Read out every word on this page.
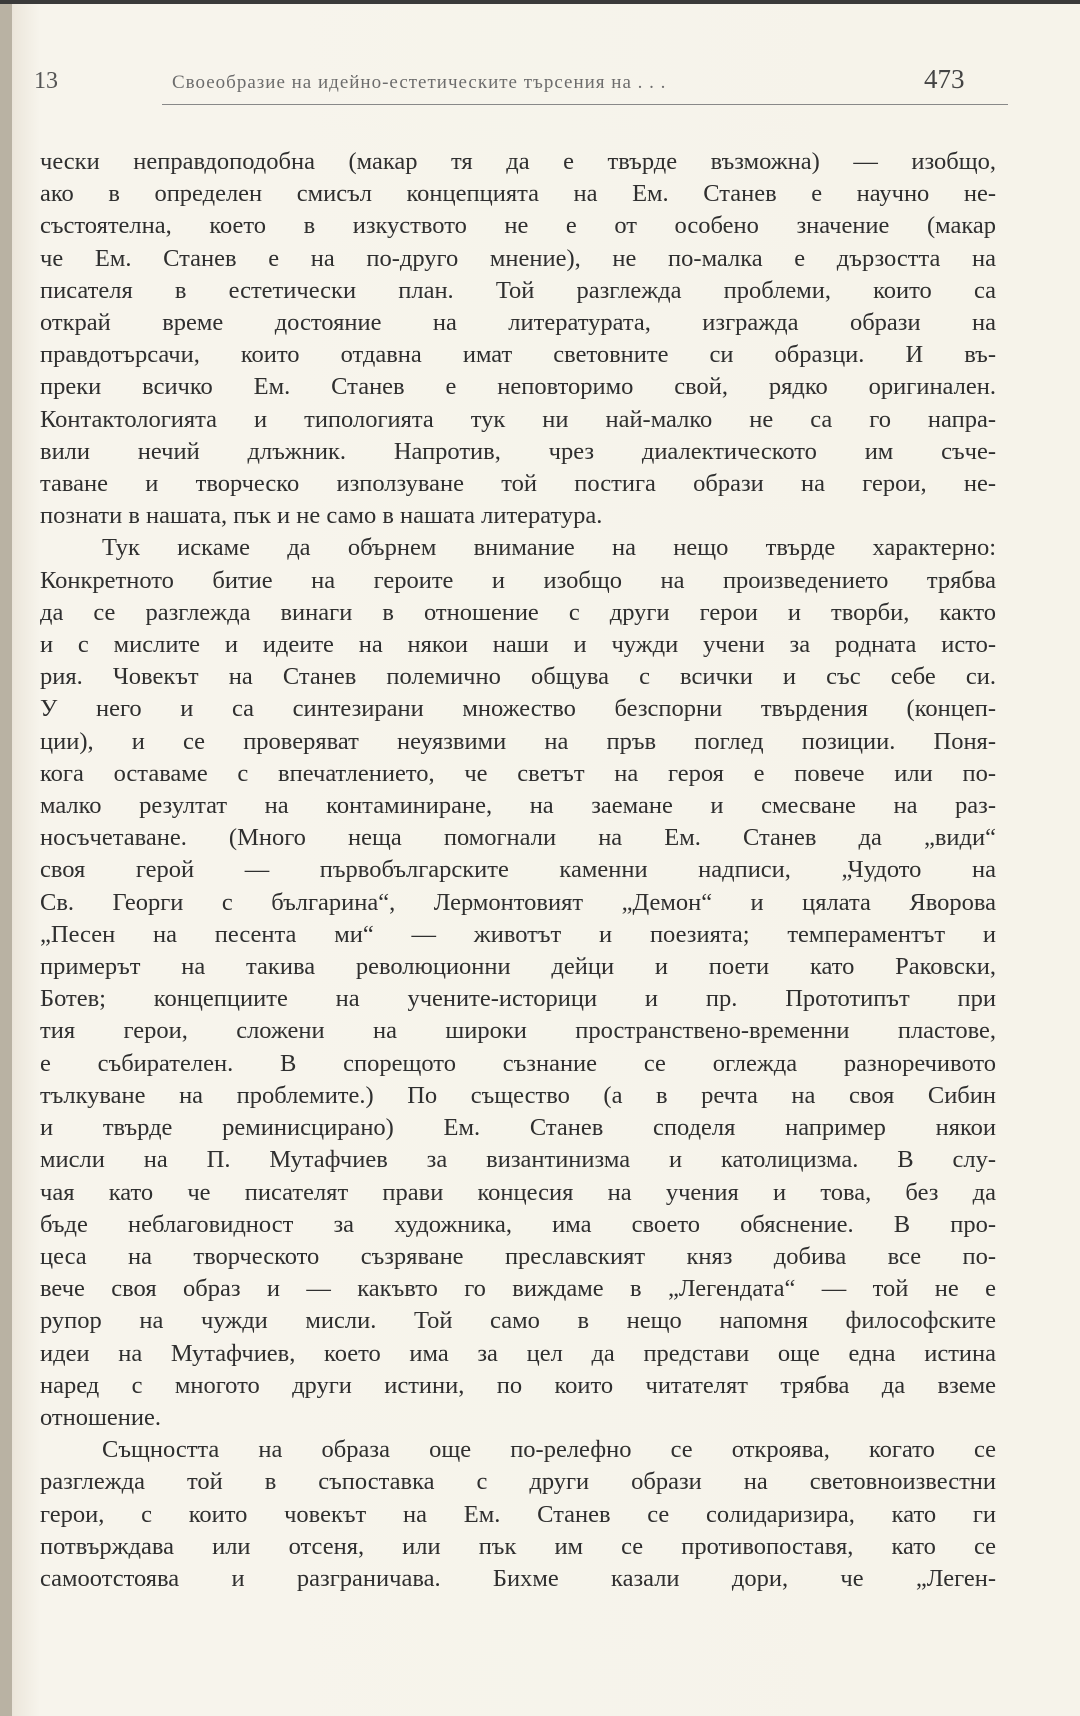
13	Своеобразие на идейно-естетическите търсения на . . .	473

чески неправдоподобна (макар тя да е твърде възможна) — изобщо,
ако в определен смисъл концепцията на Ем. Станев е научно не-
състоятелна, което в изкуството не е от особено значение (макар
че Ем. Станев е на по-друго мнение), не по-малка е дързостта на
писателя в естетически план. Той разглежда проблеми, които са
открай време достояние на литературата, изгражда образи на
правдотърсачи, които отдавна имат световните си образци. И въ-
преки всичко Ем. Станев е неповторимо свой, рядко оригинален.
Контактологията и типологията тук ни най-малко не са го напра-
вили нечий длъжник. Напротив, чрез диалектическото им съче-
таване и творческо използуване той постига образи на герои, не-
познати в нашата, пък и не само в нашата литература.

Тук искаме да обърнем внимание на нещо твърде характерно:
Конкретното битие на героите и изобщо на произведението трябва
да се разглежда винаги в отношение с други герои и творби, както
и с мислите и идеите на някои наши и чужди учени за родната исто-
рия. Човекът на Станев полемично общува с всички и със себе си.
У него и са синтезирани множество безспорни твърдения (концеп-
ции), и се проверяват неуязвими на пръв поглед позиции. Поня-
кога оставаме с впечатлението, че светът на героя е повече или по-
малко резултат на контаминиране, на заемане и смесване на раз-
носъчетаване. (Много неща помогнали на Ем. Станев да „види“
своя герой — първобългарските каменни надписи, „Чудото на
Св. Георги с българина“, Лермонтовият „Демон“ и цялата Яворова
„Песен на песента ми“ — животът и поезията; темпераментът и
примерът на такива революционни дейци и поети като Раковски,
Ботев; концепциите на учените-историци и пр. Прототипът при
тия герои, сложени на широки пространствено-временни пластове,
е събирателен. В спорещото съзнание се оглежда разноречивото
тълкуване на проблемите.) По същество (а в речта на своя Сибин
и твърде реминисцирано) Ем. Станев споделя например някои
мисли на П. Мутафчиев за византинизма и католицизма. В слу-
чая като че писателят прави концесия на учения и това, без да
бъде неблаговидност за художника, има своето обяснение. В про-
цеса на творческото съзряване преславският княз добива все по-
вече своя образ и — какъвто го виждаме в „Легендата“ — той не е
рупор на чужди мисли. Той само в нещо напомня философските
идеи на Мутафчиев, което има за цел да представи още една истина
наред с многото други истини, по които читателят трябва да вземе
отношение.

Същността на образа още по-релефно се откроява, когато се
разглежда той в съпоставка с други образи на световноизвестни
герои, с които човекът на Ем. Станев се солидаризира, като ги
потвърждава или отсеня, или пък им се противопоставя, като се
самоотстоява и разграничава. Бихме казали дори, че „Леген-
